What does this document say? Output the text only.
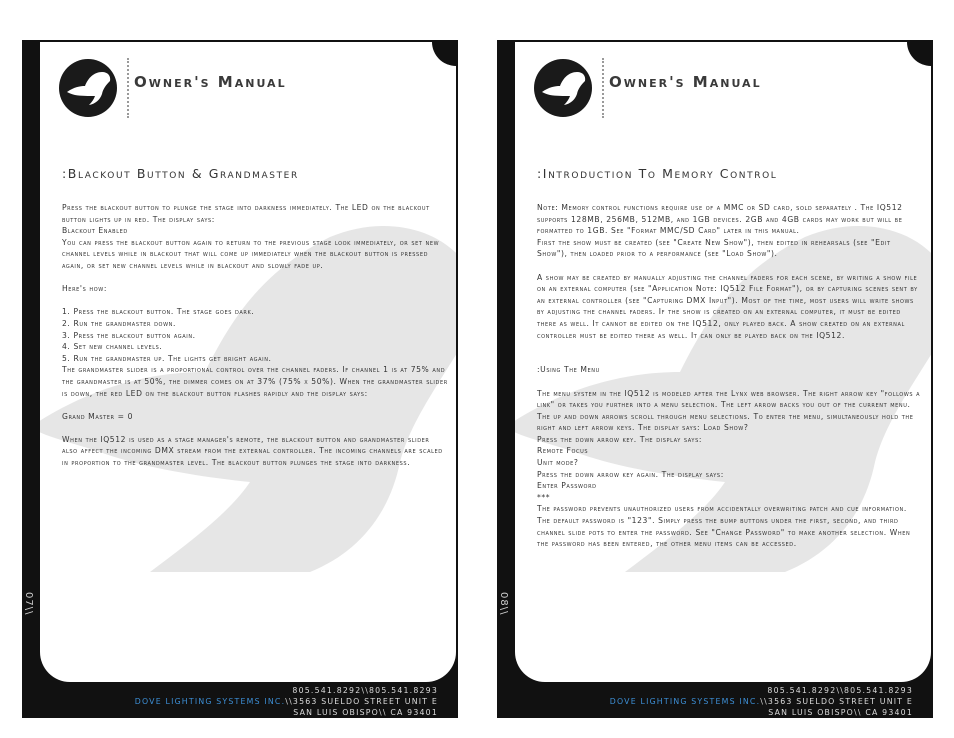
Owner's Manual
:Blackout Button & Grandmaster

Press the blackout button to plunge the stage into darkness immediately. The LED on the blackout button lights up in red. The display says:

Blackout Enabled

You can press the blackout button again to return to the previous stage look immediately, or set new channel levels while in blackout that will come up immediately when the blackout button is pressed again, or set new channel levels while in blackout and slowly fade up.

Here's how:

1. Press the blackout button. The stage goes dark.

2. Run the grandmaster down.

3. Press the blackout button again.

4. Set new channel levels.

5. Run the grandmaster up. The lights get bright again.

The grandmaster slider is a proportional control over the channel faders. If channel 1 is at 75% and the grandmaster is at 50%, the dimmer comes on at 37% (75% x 50%). When the grandmaster slider is down, the red LED on the blackout button flashes rapidly and the display says:

Grand Master = 0

When the IQ512 is used as a stage manager's remote, the blackout button and grandmaster slider also affect the incoming DMX stream from the external controller. The incoming channels are scaled in proportion to the grandmaster level. The blackout button plunges the stage into darkness.

07\\
805.541.8292\\805.541.8293
DOVE LIGHTING SYSTEMS INC.\\3563 SUELDO STREET UNIT E
SAN LUIS OBISPO\\ CA 93401
Owner's Manual
:Introduction To Memory Control

Note: Memory control functions require use of a MMC or SD card, sold separately . The IQ512 supports 128MB, 256MB, 512MB, and 1GB devices. 2GB and 4GB cards may work but will be formatted to 1GB. See "Format MMC/SD Card" later in this manual.

First the show must be created (see "Create New Show"), then edited in rehearsals (see "Edit Show"), then loaded prior to a performance (see "Load Show").

A show may be created by manually adjusting the channel faders for each scene, by writing a show file on an external computer (see "Application Note: IQ512 File Format"), or by capturing scenes sent by an external controller (see "Capturing DMX Input"). Most of the time, most users will write shows by adjusting the channel faders. If the show is created on an external computer, it must be edited there as well. It cannot be edited on the IQ512, only played back. A show created on an external controller must be edited there as well. It can only be played back on the IQ512.

:Using The Menu

The menu system in the IQ512 is modeled after the Lynx web browser. The right arrow key "follows a link" or takes you further into a menu selection. The left arrow backs you out of the current menu. The up and down arrows scroll through menu selections. To enter the menu, simultaneously hold the right and left arrow keys. The display says: Load Show?

Press the down arrow key. The display says:

Remote Focus

Unit mode?

Press the down arrow key again. The display says:

Enter Password

***

The password prevents unauthorized users from accidentally overwriting patch and cue information. The default password is "123". Simply press the bump buttons under the first, second, and third channel slide pots to enter the password. See "Change Password" to make another selection. When the password has been entered, the other menu items can be accessed.

08\\
805.541.8292\\805.541.8293
DOVE LIGHTING SYSTEMS INC.\\3563 SUELDO STREET UNIT E
SAN LUIS OBISPO\\ CA 93401
